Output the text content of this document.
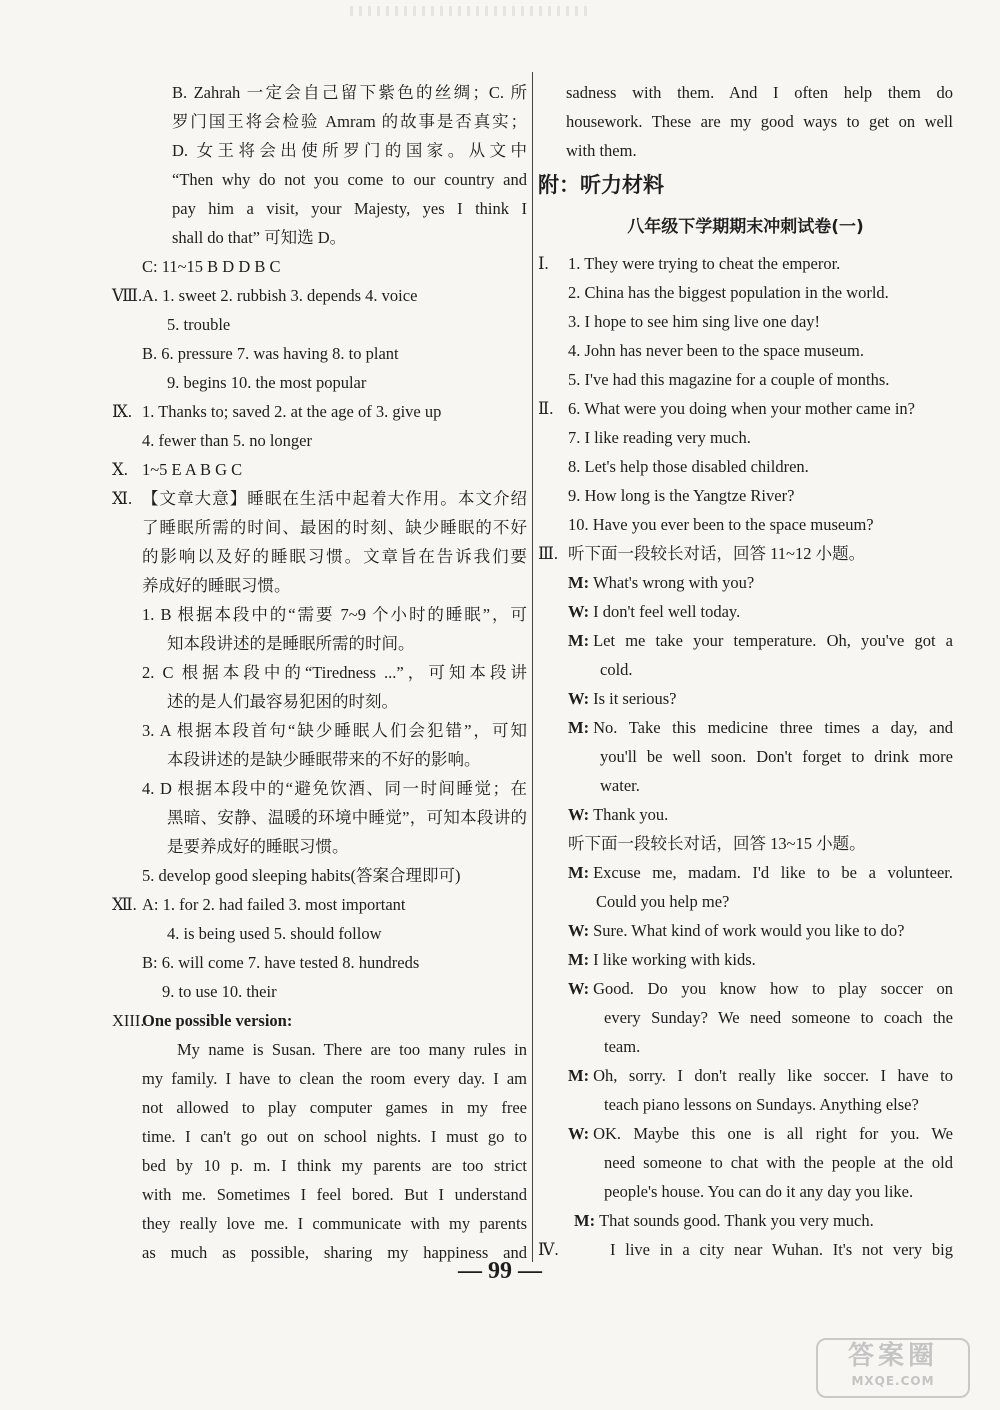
B. Zahrah 一定会自己留下紫色的丝绸；C. 所
罗门国王将会检验 Amram 的故事是否真实；
D. 女王将会出使所罗门的国家。从文中
“Then why do not you come to our country and
pay him a visit, your Majesty, yes I think I
shall do that” 可知选 D。
C: 11~15 B D D B C
Ⅷ. A. 1. sweet 2. rubbish 3. depends 4. voice
5. trouble
B. 6. pressure 7. was having 8. to plant
9. begins 10. the most popular
Ⅸ. 1. Thanks to; saved 2. at the age of 3. give up
4. fewer than 5. no longer
Ⅹ. 1~5 E A B G C
Ⅺ. 【文章大意】睡眠在生活中起着大作用。本文介绍
了睡眠所需的时间、最困的时刻、缺少睡眠的不好
的影响以及好的睡眠习惯。文章旨在告诉我们要
养成好的睡眠习惯。
1. B 根据本段中的“需要 7~9 个小时的睡眠”，可
知本段讲述的是睡眠所需的时间。
2. C 根据本段中的“Tiredness ...”，可知本段讲
述的是人们最容易犯困的时刻。
3. A 根据本段首句“缺少睡眠人们会犯错”，可知
本段讲述的是缺少睡眠带来的不好的影响。
4. D 根据本段中的“避免饮酒、同一时间睡觉；在
黑暗、安静、温暖的环境中睡觉”，可知本段讲的
是要养成好的睡眠习惯。
5. develop good sleeping habits(答案合理即可)
Ⅻ. A: 1. for 2. had failed 3. most important
4. is being used 5. should follow
B: 6. will come 7. have tested 8. hundreds
9. to use 10. their
XIII.
One possible version:
My name is Susan. There are too many rules in
my family. I have to clean the room every day. I am
not allowed to play computer games in my free
time. I can't go out on school nights. I must go to
bed by 10 p. m. I think my parents are too strict
with me. Sometimes I feel bored. But I understand
they really love me. I communicate with my parents
as much as possible, sharing my happiness and
sadness with them. And I often help them do
housework. These are my good ways to get on well
with them.
附：听力材料
八年级下学期期末冲刺试卷(一)
Ⅰ. 1. They were trying to cheat the emperor.
2. China has the biggest population in the world.
3. I hope to see him sing live one day!
4. John has never been to the space museum.
5. I've had this magazine for a couple of months.
Ⅱ. 6. What were you doing when your mother came in?
7. I like reading very much.
8. Let's help those disabled children.
9. How long is the Yangtze River?
10. Have you ever been to the space museum?
Ⅲ. 听下面一段较长对话，回答 11~12 小题。
M: What's wrong with you?
W: I don't feel well today.
M: Let me take your temperature. Oh, you've got a
cold.
W: Is it serious?
M: No. Take this medicine three times a day, and
you'll be well soon. Don't forget to drink more
water.
W: Thank you.
听下面一段较长对话，回答 13~15 小题。
M: Excuse me, madam. I'd like to be a volunteer.
Could you help me?
W: Sure. What kind of work would you like to do?
M: I like working with kids.
W: Good. Do you know how to play soccer on
every Sunday? We need someone to coach the
team.
M: Oh, sorry. I don't really like soccer. I have to
teach piano lessons on Sundays. Anything else?
W: OK. Maybe this one is all right for you. We
need someone to chat with the people at the old
people's house. You can do it any day you like.
M: That sounds good. Thank you very much.
Ⅳ.	I live in a city near Wuhan. It's not very big
— 99 —
答案圈
MXQE.COM
